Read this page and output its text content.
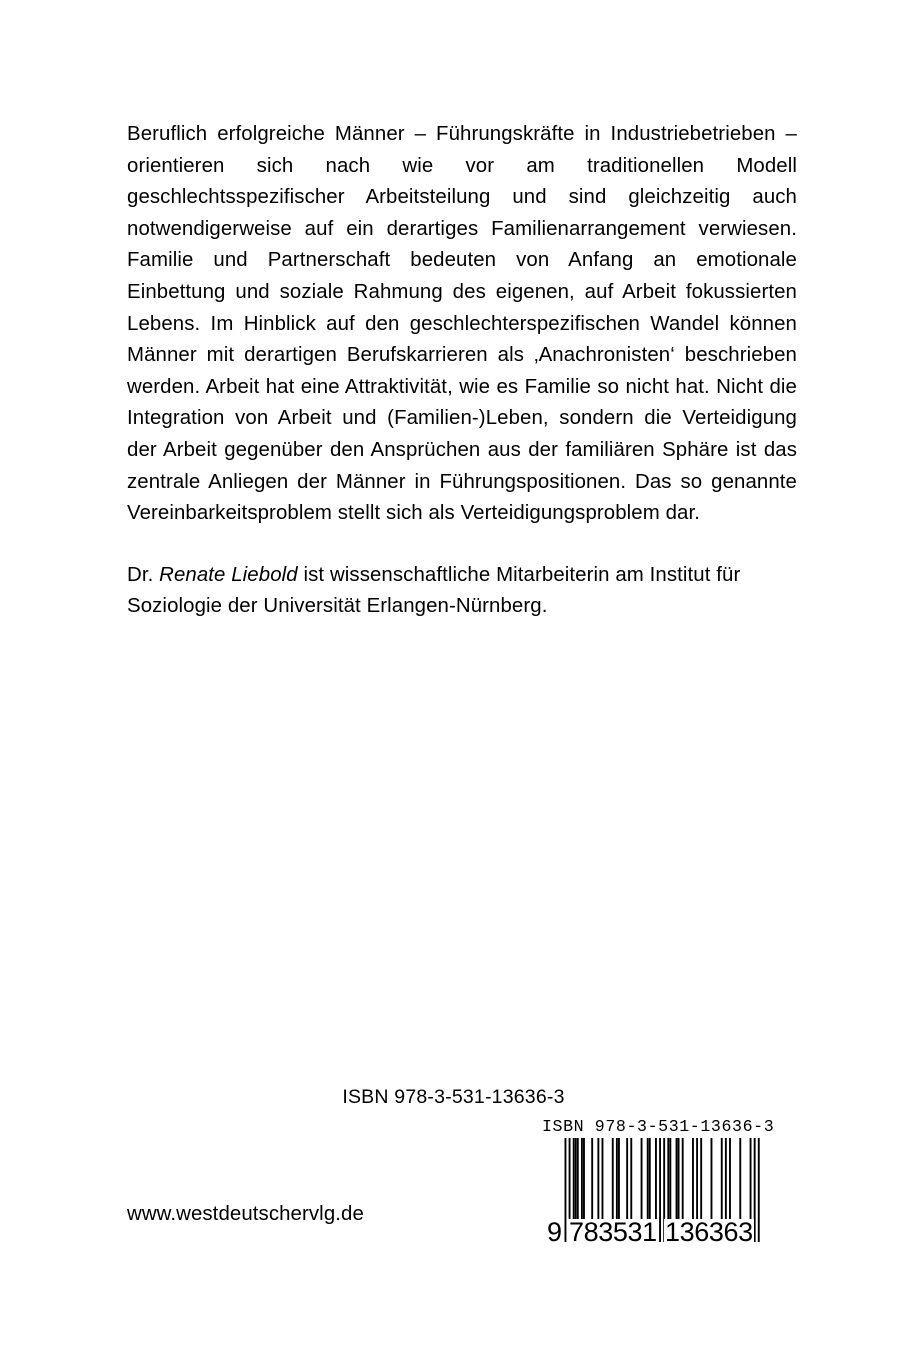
Beruflich erfolgreiche Männer – Führungskräfte in Industriebetrieben – orientieren sich nach wie vor am traditionellen Modell geschlechtsspezifischer Arbeitsteilung und sind gleichzeitig auch notwendigerweise auf ein derartiges Familienarrangement verwiesen. Familie und Partnerschaft bedeuten von Anfang an emotionale Einbettung und soziale Rahmung des eigenen, auf Arbeit fokussierten Lebens. Im Hinblick auf den geschlechterspezifischen Wandel können Männer mit derartigen Berufskarrieren als ‚Anachronisten‘ beschrieben werden. Arbeit hat eine Attraktivität, wie es Familie so nicht hat. Nicht die Integration von Arbeit und (Familien-)Leben, sondern die Verteidigung der Arbeit gegenüber den Ansprüchen aus der familiären Sphäre ist das zentrale Anliegen der Männer in Führungspositionen. Das so genannte Vereinbarkeitsproblem stellt sich als Verteidigungsproblem dar.

Dr. Renate Liebold ist wissenschaftliche Mitarbeiterin am Institut für Soziologie der Universität Erlangen-Nürnberg.

ISBN 978-3-531-13636-3
ISBN 978-3-531-13636-3
9 783531 136363
www.westdeutschervlg.de
